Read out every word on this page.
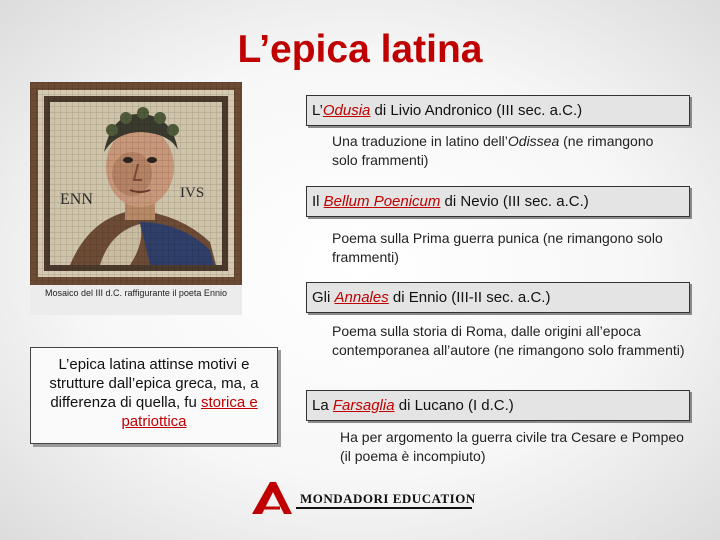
L’epica latina
Mosaico del III d.C. raffigurante il poeta Ennio
L’epica latina attinse motivi e strutture dall’epica greca, ma, a differenza di quella, fu storica e patriottica
L’Odusia di Livio Andronico (III sec. a.C.)
Una traduzione in latino dell’Odissea (ne rimangono solo frammenti)
Il Bellum Poenicum di Nevio (III sec. a.C.)
Poema sulla Prima guerra punica (ne rimangono solo frammenti)
Gli Annales di Ennio (III-II sec. a.C.)
Poema sulla storia di Roma, dalle origini all’epoca contemporanea all’autore (ne rimangono solo frammenti)
La Farsaglia di Lucano (I d.C.)
Ha per argomento la guerra civile tra Cesare e Pompeo (il poema è incompiuto)
MONDADORI EDUCATION
